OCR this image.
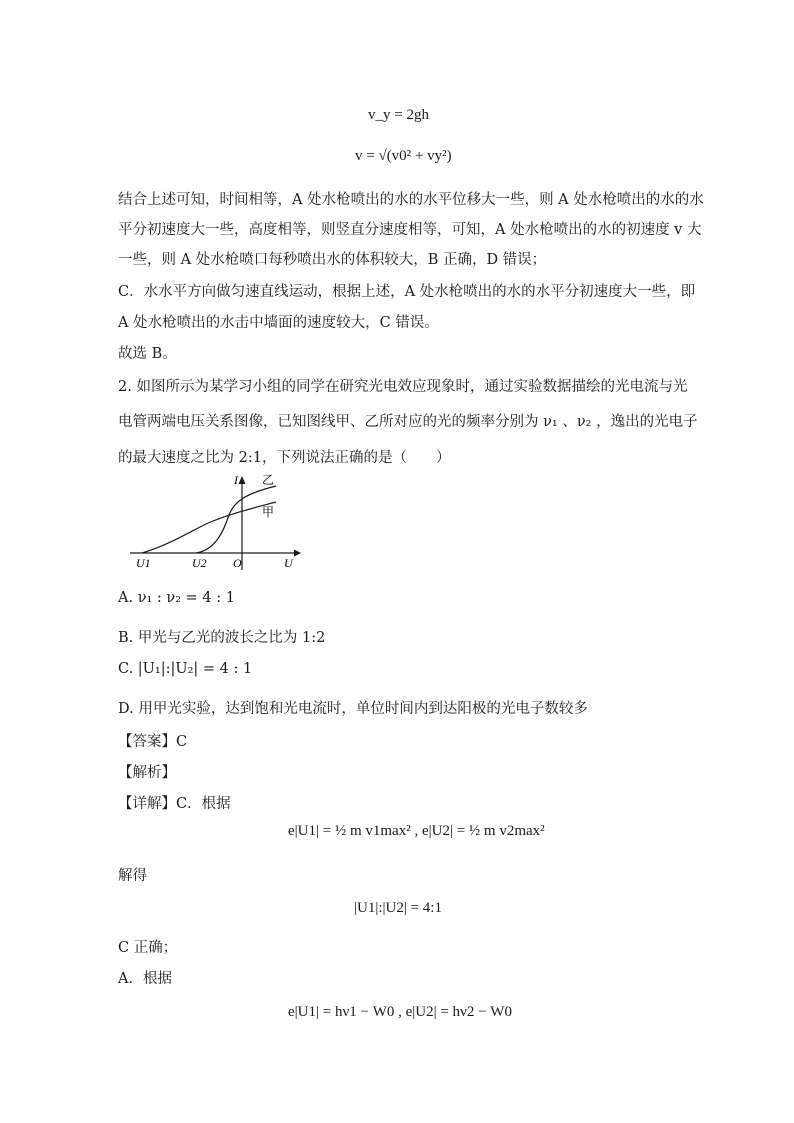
v_y = 2gh
v = √(v0² + vy²)
结合上述可知，时间相等，A 处水枪喷出的水的水平位移大一些，则 A 处水枪喷出的水的水
平分初速度大一些，高度相等，则竖直分速度相等，可知，A 处水枪喷出的水的初速度 v 大
一些，则 A 处水枪喷口每秒喷出水的体积较大，B 正确，D 错误；
C．水水平方向做匀速直线运动，根据上述，A 处水枪喷出的水的水平分初速度大一些，即
A 处水枪喷出的水击中墙面的速度较大，C 错误。
故选 B。
2. 如图所示为某学习小组的同学在研究光电效应现象时，通过实验数据描绘的光电流与光
电管两端电压关系图像，已知图线甲、乙所对应的光的频率分别为 ν₁ 、ν₂ ，逸出的光电子
的最大速度之比为 2:1，下列说法正确的是（　　）
I
U
O
U1	U2
乙
甲
A. ν₁ : ν₂ = 4 : 1
B. 甲光与乙光的波长之比为 1:2
C. |U₁|:|U₂| = 4 : 1
D. 用甲光实验，达到饱和光电流时，单位时间内到达阳极的光电子数较多
【答案】C
【解析】
【详解】C．根据
e|U1| = ½ m v1max² , e|U2| = ½ m v2max²
解得
|U1|:|U2| = 4:1
C 正确；
A．根据
e|U1| = hν1 − W0 , e|U2| = hν2 − W0
